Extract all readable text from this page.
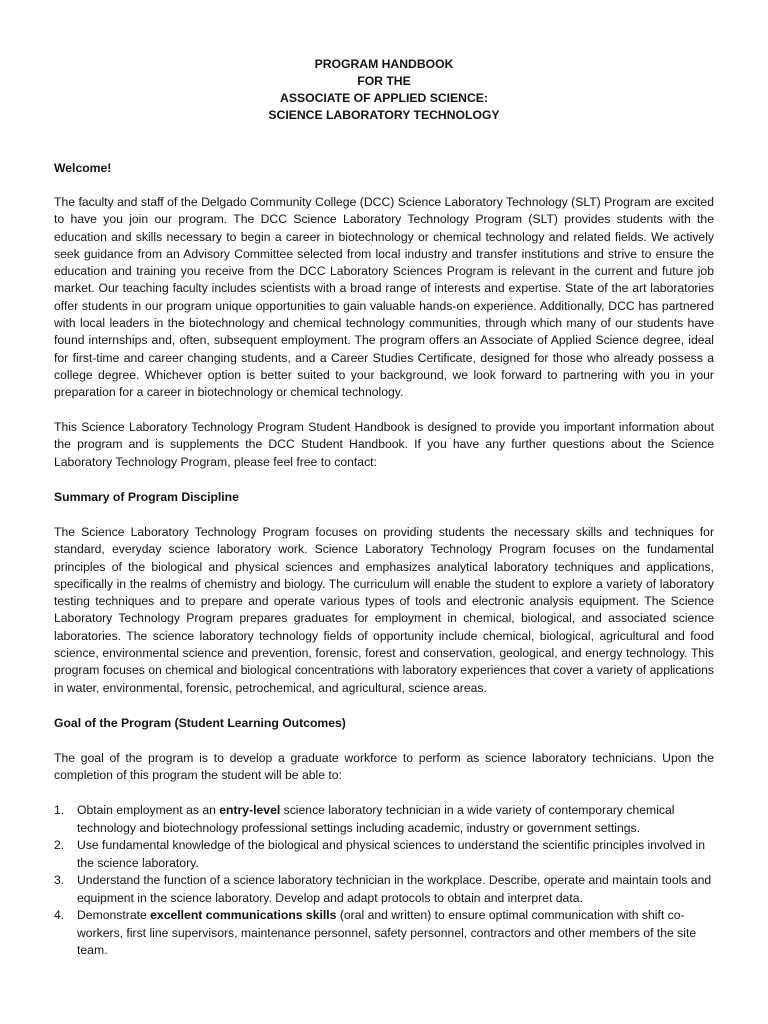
PROGRAM HANDBOOK
FOR THE
ASSOCIATE OF APPLIED SCIENCE:
SCIENCE LABORATORY TECHNOLOGY
Welcome!

The faculty and staff of the Delgado Community College (DCC) Science Laboratory Technology (SLT) Program are excited to have you join our program. The DCC Science Laboratory Technology Program (SLT) provides students with the education and skills necessary to begin a career in biotechnology or chemical technology and related fields. We actively seek guidance from an Advisory Committee selected from local industry and transfer institutions and strive to ensure the education and training you receive from the DCC Laboratory Sciences Program is relevant in the current and future job market. Our teaching faculty includes scientists with a broad range of interests and expertise. State of the art laboratories offer students in our program unique opportunities to gain valuable hands-on experience. Additionally, DCC has partnered with local leaders in the biotechnology and chemical technology communities, through which many of our students have found internships and, often, subsequent employment. The program offers an Associate of Applied Science degree, ideal for first-time and career changing students, and a Career Studies Certificate, designed for those who already possess a college degree. Whichever option is better suited to your background, we look forward to partnering with you in your preparation for a career in biotechnology or chemical technology.

This Science Laboratory Technology Program Student Handbook is designed to provide you important information about the program and is supplements the DCC Student Handbook. If you have any further questions about the Science Laboratory Technology Program, please feel free to contact:

Summary of Program Discipline

The Science Laboratory Technology Program focuses on providing students the necessary skills and techniques for standard, everyday science laboratory work. Science Laboratory Technology Program focuses on the fundamental principles of the biological and physical sciences and emphasizes analytical laboratory techniques and applications, specifically in the realms of chemistry and biology. The curriculum will enable the student to explore a variety of laboratory testing techniques and to prepare and operate various types of tools and electronic analysis equipment. The Science Laboratory Technology Program prepares graduates for employment in chemical, biological, and associated science laboratories. The science laboratory technology fields of opportunity include chemical, biological, agricultural and food science, environmental science and prevention, forensic, forest and conservation, geological, and energy technology. This program focuses on chemical and biological concentrations with laboratory experiences that cover a variety of applications in water, environmental, forensic, petrochemical, and agricultural, science areas.

Goal of the Program (Student Learning Outcomes)

The goal of the program is to develop a graduate workforce to perform as science laboratory technicians. Upon the completion of this program the student will be able to:

1. Obtain employment as an entry-level science laboratory technician in a wide variety of contemporary chemical technology and biotechnology professional settings including academic, industry or government settings.
2. Use fundamental knowledge of the biological and physical sciences to understand the scientific principles involved in the science laboratory.
3. Understand the function of a science laboratory technician in the workplace. Describe, operate and maintain tools and equipment in the science laboratory. Develop and adapt protocols to obtain and interpret data.
4. Demonstrate excellent communications skills (oral and written) to ensure optimal communication with shift co-workers, first line supervisors, maintenance personnel, safety personnel, contractors and other members of the site team.
